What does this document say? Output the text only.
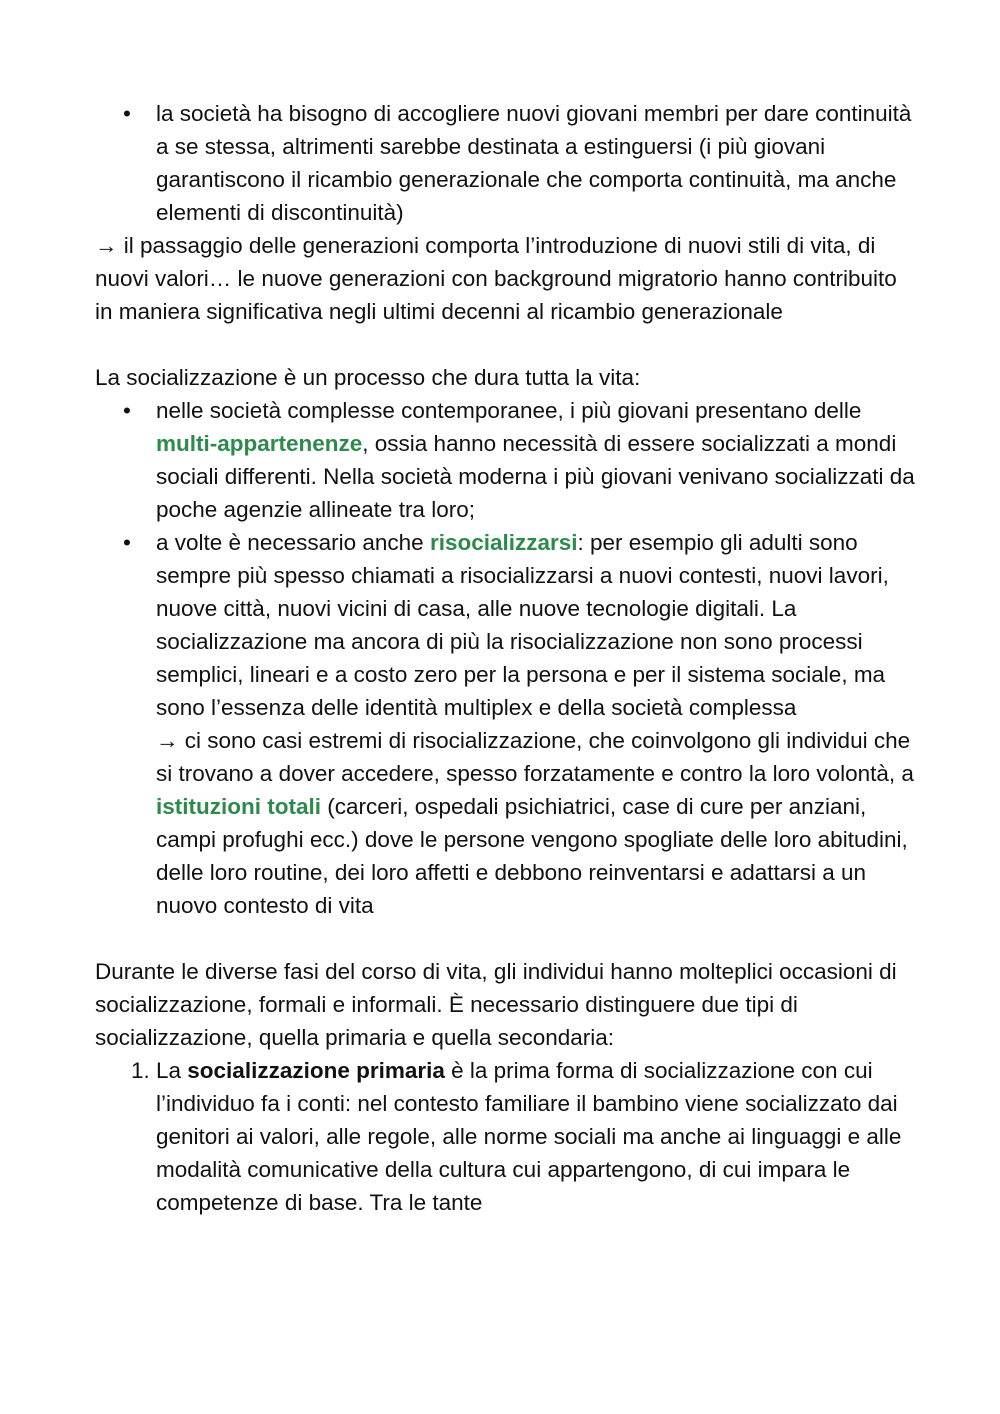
• la società ha bisogno di accogliere nuovi giovani membri per dare continuità a se stessa, altrimenti sarebbe destinata a estinguersi (i più giovani garantiscono il ricambio generazionale che comporta continuità, ma anche elementi di discontinuità)

→ il passaggio delle generazioni comporta l’introduzione di nuovi stili di vita, di nuovi valori… le nuove generazioni con background migratorio hanno contribuito in maniera significativa negli ultimi decenni al ricambio generazionale

La socializzazione è un processo che dura tutta la vita:

• nelle società complesse contemporanee, i più giovani presentano delle multi-appartenenze, ossia hanno necessità di essere socializzati a mondi sociali differenti. Nella società moderna i più giovani venivano socializzati da poche agenzie allineate tra loro;
• a volte è necessario anche risocializzarsi: per esempio gli adulti sono sempre più spesso chiamati a risocializzarsi a nuovi contesti, nuovi lavori, nuove città, nuovi vicini di casa, alle nuove tecnologie digitali. La socializzazione ma ancora di più la risocializzazione non sono processi semplici, lineari e a costo zero per la persona e per il sistema sociale, ma sono l’essenza delle identità multiplex e della società complessa
→ ci sono casi estremi di risocializzazione, che coinvolgono gli individui che si trovano a dover accedere, spesso forzatamente e contro la loro volontà, a istituzioni totali (carceri, ospedali psichiatrici, case di cure per anziani, campi profughi ecc.) dove le persone vengono spogliate delle loro abitudini, delle loro routine, dei loro affetti e debbono reinventarsi e adattarsi a un nuovo contesto di vita

Durante le diverse fasi del corso di vita, gli individui hanno molteplici occasioni di socializzazione, formali e informali. È necessario distinguere due tipi di socializzazione, quella primaria e quella secondaria:

1. La socializzazione primaria è la prima forma di socializzazione con cui l’individuo fa i conti: nel contesto familiare il bambino viene socializzato dai genitori ai valori, alle regole, alle norme sociali ma anche ai linguaggi e alle modalità comunicative della cultura cui appartengono, di cui impara le competenze di base. Tra le tante
